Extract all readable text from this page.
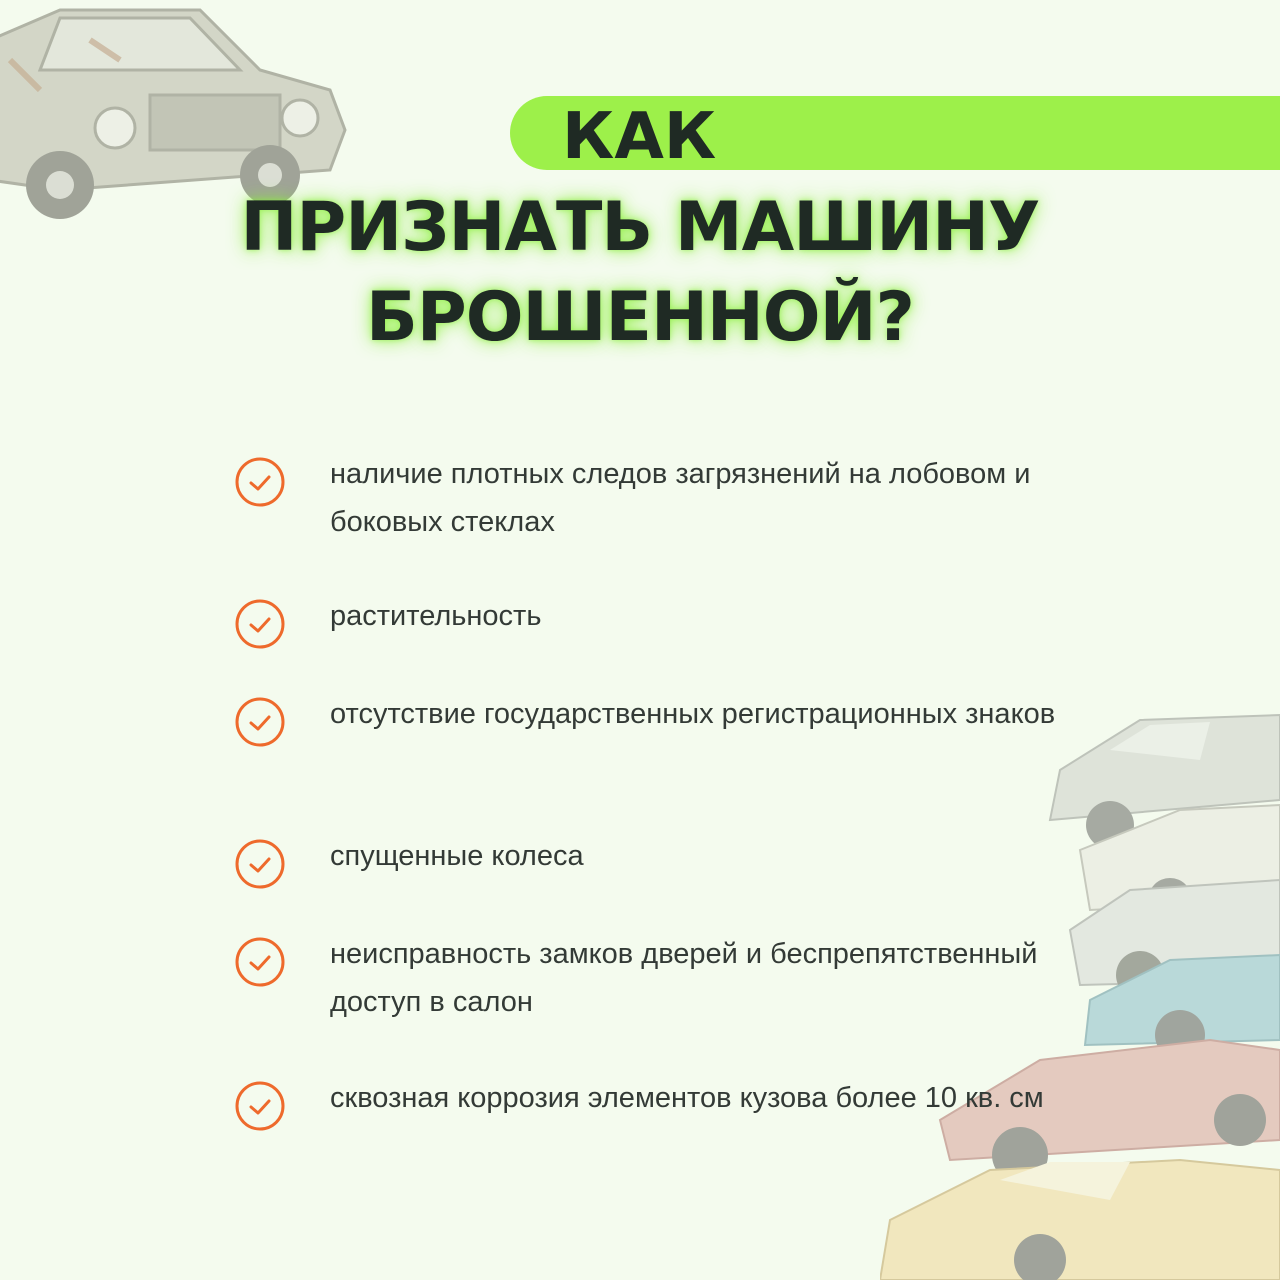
КАК
ПРИЗНАТЬ МАШИНУ
БРОШЕННОЙ?
наличие плотных следов загрязнений на лобовом и боковых стеклах
растительность
отсутствие государственных регистрационных знаков
спущенные колеса
неисправность замков дверей и беспрепятственный доступ в салон
сквозная коррозия элементов кузова более 10 кв. см
